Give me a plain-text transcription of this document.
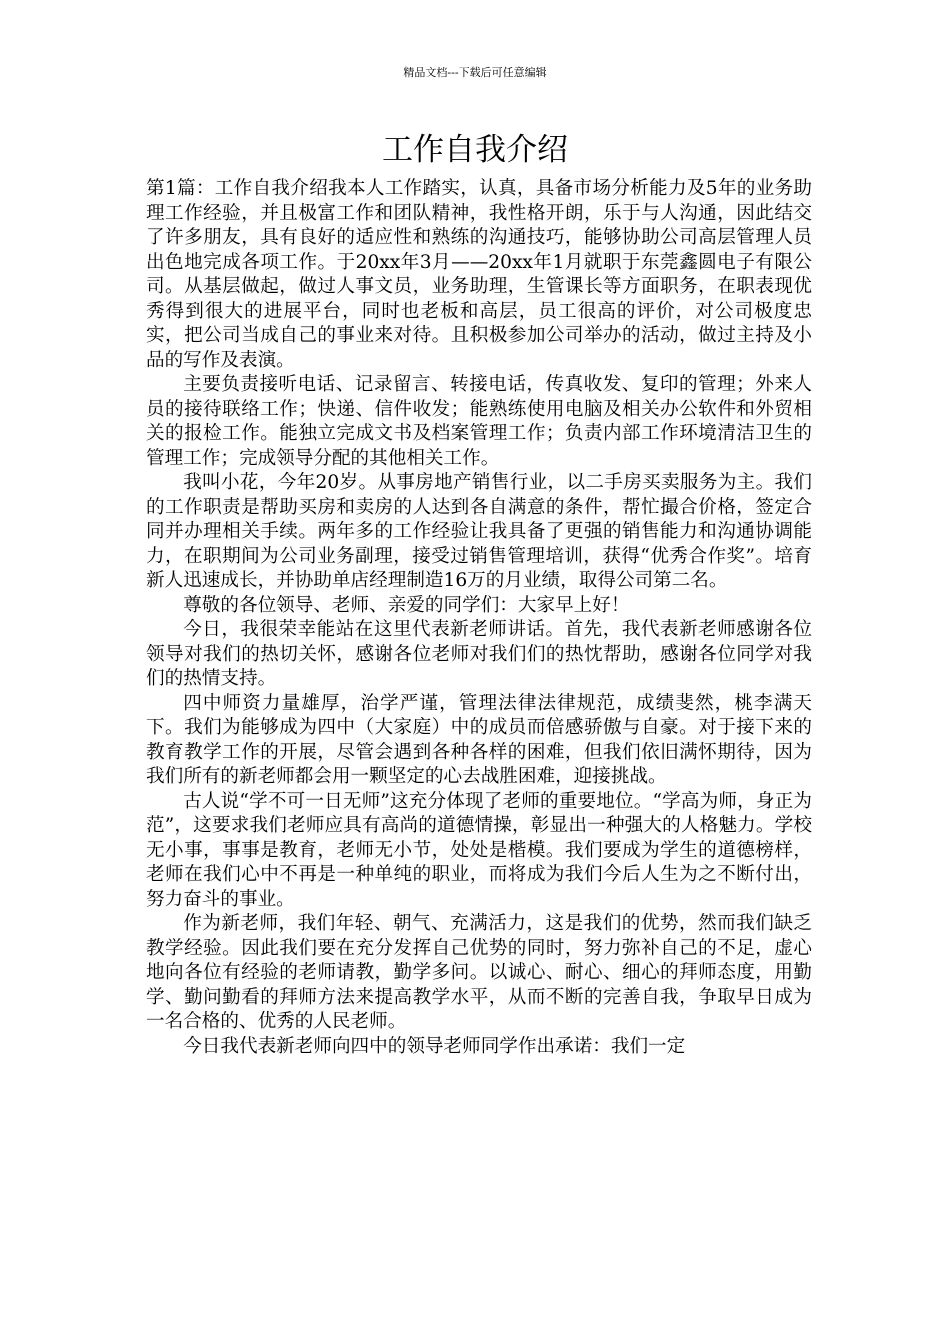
精品文档---下载后可任意编辑
工作自我介绍

第1篇：工作自我介绍我本人工作踏实，认真，具备市场分析能力及5年的业务助理工作经验，并且极富工作和团队精神，我性格开朗，乐于与人沟通，因此结交了许多朋友，具有良好的适应性和熟练的沟通技巧，能够协助公司高层管理人员出色地完成各项工作。于20xx年3月——20xx年1月就职于东莞鑫圆电子有限公司。从基层做起，做过人事文员，业务助理，生管课长等方面职务，在职表现优秀得到很大的进展平台，同时也老板和高层，员工很高的评价，对公司极度忠实，把公司当成自己的事业来对待。且积极参加公司举办的活动，做过主持及小品的写作及表演。

主要负责接听电话、记录留言、转接电话，传真收发、复印的管理；外来人员的接待联络工作；快递、信件收发；能熟练使用电脑及相关办公软件和外贸相关的报检工作。能独立完成文书及档案管理工作；负责内部工作环境清洁卫生的管理工作；完成领导分配的其他相关工作。

我叫小花，今年20岁。从事房地产销售行业，以二手房买卖服务为主。我们的工作职责是帮助买房和卖房的人达到各自满意的条件，帮忙撮合价格，签定合同并办理相关手续。两年多的工作经验让我具备了更强的销售能力和沟通协调能力，在职期间为公司业务副理，接受过销售管理培训，获得“优秀合作奖”。培育新人迅速成长，并协助单店经理制造16万的月业绩，取得公司第二名。

尊敬的各位领导、老师、亲爱的同学们：大家早上好！

今日，我很荣幸能站在这里代表新老师讲话。首先，我代表新老师感谢各位领导对我们的热切关怀，感谢各位老师对我们们的热忱帮助，感谢各位同学对我们的热情支持。

四中师资力量雄厚，治学严谨，管理法律法律规范，成绩斐然，桃李满天下。我们为能够成为四中（大家庭）中的成员而倍感骄傲与自豪。对于接下来的教育教学工作的开展，尽管会遇到各种各样的困难，但我们依旧满怀期待，因为我们所有的新老师都会用一颗坚定的心去战胜困难，迎接挑战。

古人说“学不可一日无师”这充分体现了老师的重要地位。“学高为师，身正为范”，这要求我们老师应具有高尚的道德情操，彰显出一种强大的人格魅力。学校无小事，事事是教育，老师无小节，处处是楷模。我们要成为学生的道德榜样，老师在我们心中不再是一种单纯的职业，而将成为我们今后人生为之不断付出，努力奋斗的事业。

作为新老师，我们年轻、朝气、充满活力，这是我们的优势，然而我们缺乏教学经验。因此我们要在充分发挥自己优势的同时，努力弥补自己的不足，虚心地向各位有经验的老师请教，勤学多问。以诚心、耐心、细心的拜师态度，用勤学、勤问勤看的拜师方法来提高教学水平，从而不断的完善自我，争取早日成为一名合格的、优秀的人民老师。

今日我代表新老师向四中的领导老师同学作出承诺：我们一定
